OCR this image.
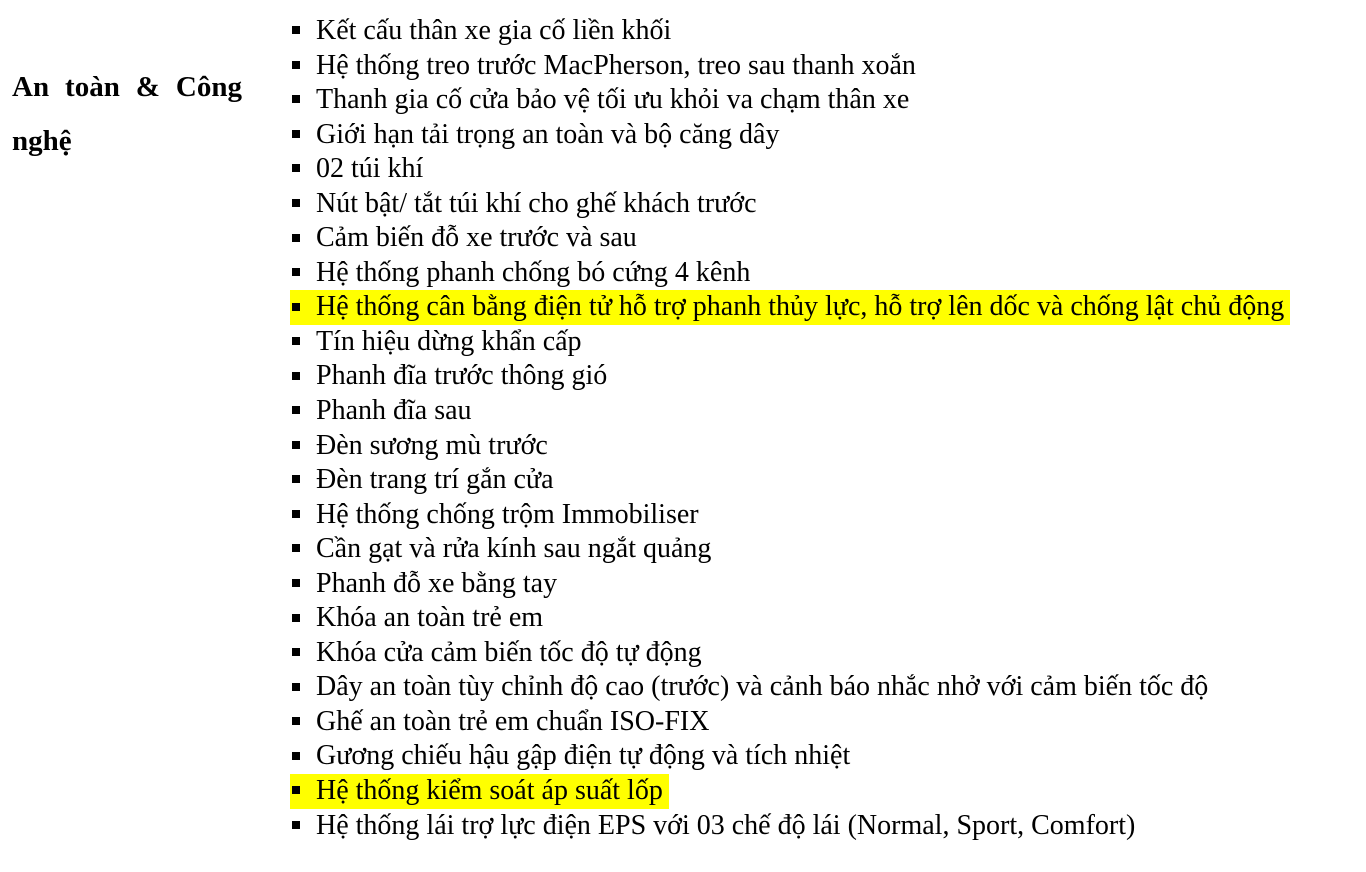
An toàn & Công
nghệ
Kết cấu thân xe gia cố liền khối
Hệ thống treo trước MacPherson, treo sau thanh xoắn
Thanh gia cố cửa bảo vệ tối ưu khỏi va chạm thân xe
Giới hạn tải trọng an toàn và bộ căng dây
02 túi khí
Nút bật/ tắt túi khí cho ghế khách trước
Cảm biến đỗ xe trước và sau
Hệ thống phanh chống bó cứng 4 kênh
Hệ thống cân bằng điện tử hỗ trợ phanh thủy lực, hỗ trợ lên dốc và chống lật chủ động
Tín hiệu dừng khẩn cấp
Phanh đĩa trước thông gió
Phanh đĩa sau
Đèn sương mù trước
Đèn trang trí gắn cửa
Hệ thống chống trộm Immobiliser
Cần gạt và rửa kính sau ngắt quảng
Phanh đỗ xe bằng tay
Khóa an toàn trẻ em
Khóa cửa cảm biến tốc độ tự động
Dây an toàn tùy chỉnh độ cao (trước) và cảnh báo nhắc nhở với cảm biến tốc độ
Ghế an toàn trẻ em chuẩn ISO-FIX
Gương chiếu hậu gập điện tự động và tích nhiệt
Hệ thống kiểm soát áp suất lốp
Hệ thống lái trợ lực điện EPS với 03 chế độ lái (Normal, Sport, Comfort)
